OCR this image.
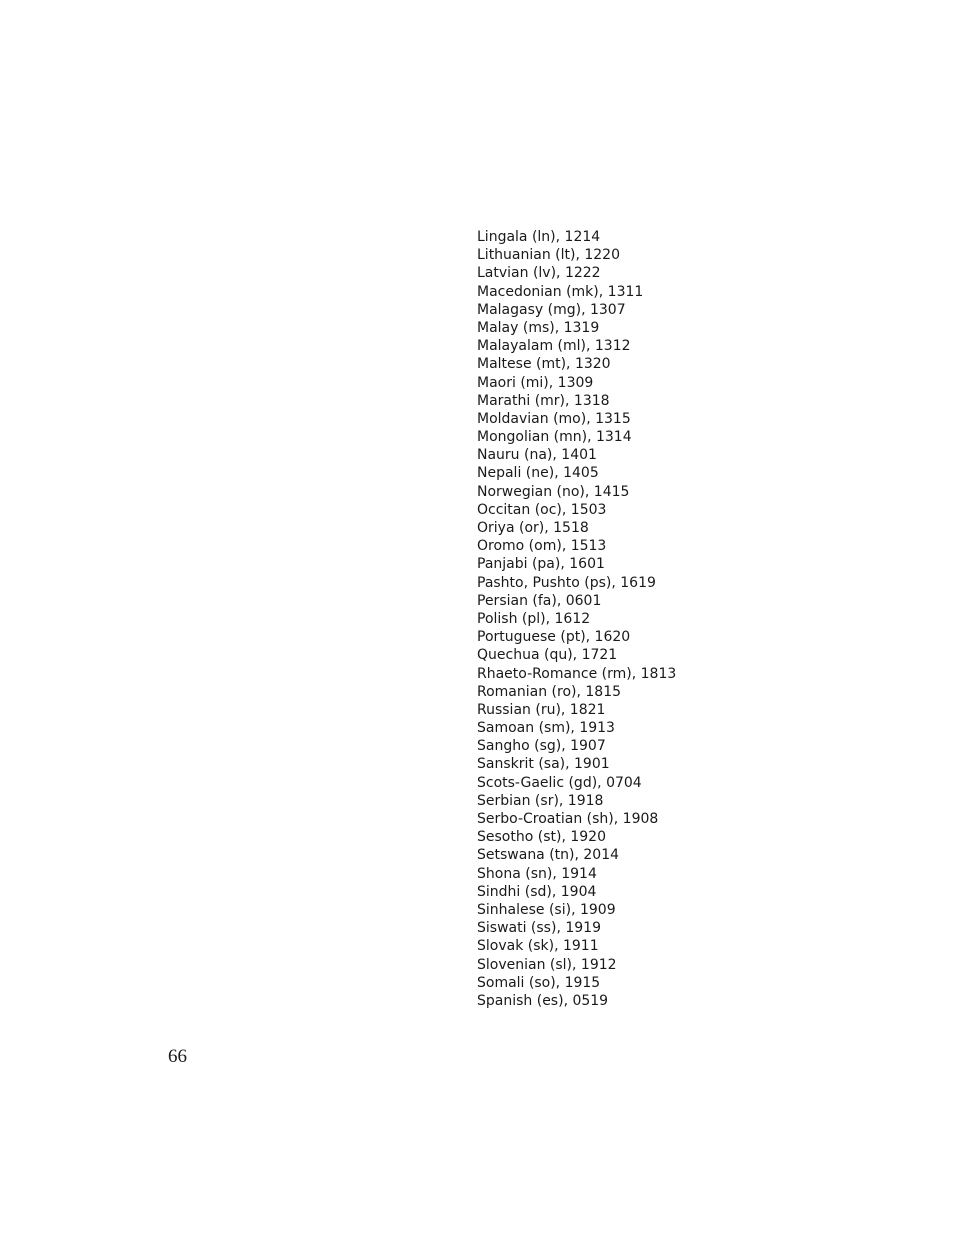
Lingala (ln), 1214
Lithuanian (lt), 1220
Latvian (lv), 1222
Macedonian (mk), 1311
Malagasy (mg), 1307
Malay (ms), 1319
Malayalam (ml), 1312
Maltese (mt), 1320
Maori (mi), 1309
Marathi (mr), 1318
Moldavian (mo), 1315
Mongolian (mn), 1314
Nauru (na), 1401
Nepali (ne), 1405
Norwegian (no), 1415
Occitan (oc), 1503
Oriya (or), 1518
Oromo (om), 1513
Panjabi (pa), 1601
Pashto, Pushto (ps), 1619
Persian (fa), 0601
Polish (pl), 1612
Portuguese (pt), 1620
Quechua (qu), 1721
Rhaeto-Romance (rm), 1813
Romanian (ro), 1815
Russian (ru), 1821
Samoan (sm), 1913
Sangho (sg), 1907
Sanskrit (sa), 1901
Scots-Gaelic (gd), 0704
Serbian (sr), 1918
Serbo-Croatian (sh), 1908
Sesotho (st), 1920
Setswana (tn), 2014
Shona (sn), 1914
Sindhi (sd), 1904
Sinhalese (si), 1909
Siswati (ss), 1919
Slovak (sk), 1911
Slovenian (sl), 1912
Somali (so), 1915
Spanish (es), 0519
66
